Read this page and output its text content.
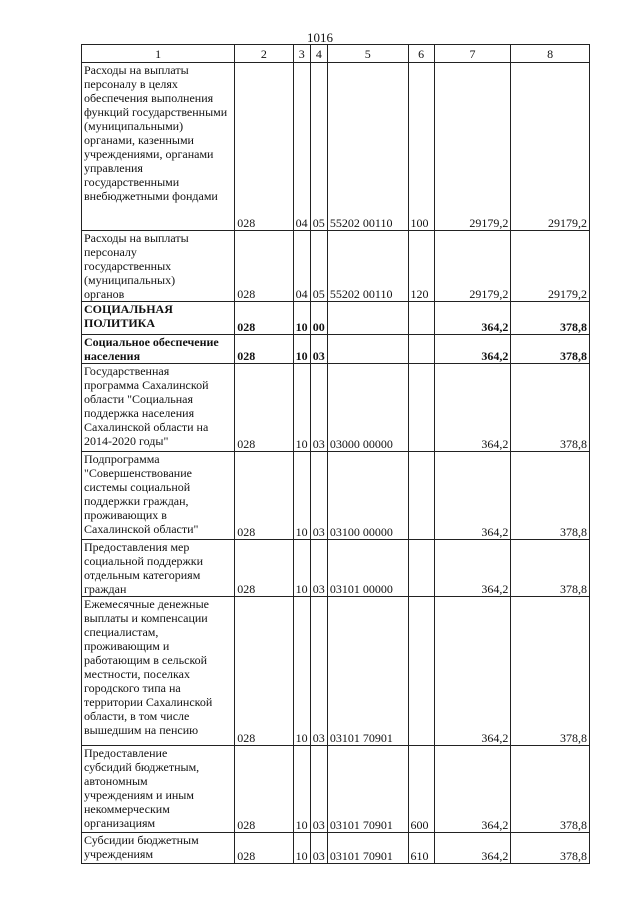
1016
1	2	3	4	5	6	7	8

Расходы на выплаты персоналу в целях обеспечения выполнения функций государственными (муниципальными) органами, казенными учреждениями, органами управления государственными внебюджетными фондами	028	04	05	55202 00110	100	29179,2	29179,2

Расходы на выплаты персоналу государственных (муниципальных) органов	028	04	05	55202 00110	120	29179,2	29179,2

СОЦИАЛЬНАЯ ПОЛИТИКА	028	10	00			364,2	378,8

Социальное обеспечение населения	028	10	03			364,2	378,8

Государственная программа Сахалинской области "Социальная поддержка населения Сахалинской области на 2014-2020 годы"	028	10	03	03000 00000		364,2	378,8

Подпрограмма "Совершенствование системы социальной поддержки граждан, проживающих в Сахалинской области"	028	10	03	03100 00000		364,2	378,8

Предоставления мер социальной поддержки отдельным категориям граждан	028	10	03	03101 00000		364,2	378,8

Ежемесячные денежные выплаты и компенсации специалистам, проживающим и работающим в сельской местности, поселках городского типа на территории Сахалинской области, в том числе вышедшим на пенсию	028	10	03	03101 70901		364,2	378,8

Предоставление субсидий бюджетным, автономным учреждениям и иным некоммерческим организациям	028	10	03	03101 70901	600	364,2	378,8

Субсидии бюджетным учреждениям	028	10	03	03101 70901	610	364,2	378,8
